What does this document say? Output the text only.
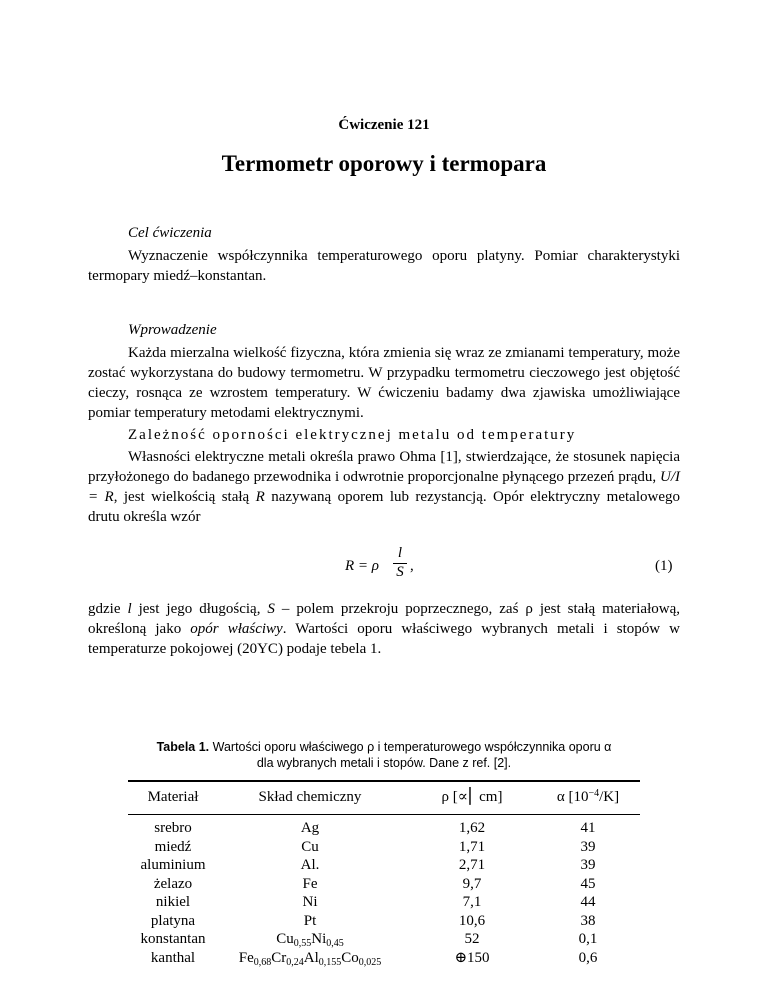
Ćwiczenie 121
Termometr oporowy i termopara
Cel ćwiczenia

Wyznaczenie współczynnika temperaturowego oporu platyny. Pomiar charakterystyki termopary miedź–konstantan.

Wprowadzenie

Każda mierzalna wielkość fizyczna, która zmienia się wraz ze zmianami temperatury, może zostać wykorzystana do budowy termometru. W przypadku termometru cieczowego jest objętość cieczy, rosnąca ze wzrostem temperatury. W ćwiczeniu badamy dwa zjawiska umożliwiające pomiar temperatury metodami elektrycznymi.

Zależność oporności elektrycznej metalu od temperatury

Własności elektryczne metali określa prawo Ohma [1], stwierdzające, że stosunek napięcia przyłożonego do badanego przewodnika i odwrotnie proporcjonalne płynącego przezeń prądu, U/I = R, jest wielkością stałą R nazywaną oporem lub rezystancją. Opór elektryczny metalowego drutu określa wzór

R = ρ
l
S ,	(1)

gdzie l jest jego długością, S – polem przekroju poprzecznego, zaś ρ jest stałą materiałową, określoną jako opór właściwy. Wartości oporu właściwego wybranych metali i stopów w temperaturze pokojowej (20ΥC) podaje tebela 1.

Tabela 1. Wartości oporu właściwego ρ i temperaturowego współczynnika oporu α
dla wybranych metali i stopów. Dane z ref. [2].
Materiał
srebro
miedź
aluminium
żelazo
nikiel
platyna
konstantan
kanthal
Skład chemiczny
Ag
Cu
Al.
Fe
Ni
Pt
$Cu_{0,55}Ni_{0,45}$
$Fe_{0,68}Cr_{0,24}Al_{0,155}Co_{0,025}$
ρ [∝⎜ cm]
1,62
1,71
2,71
9,7
7,1
10,6
52
⊕150
α $[10^{-4}/K]$
41
39
39
45
44
38
0,1
0,6
